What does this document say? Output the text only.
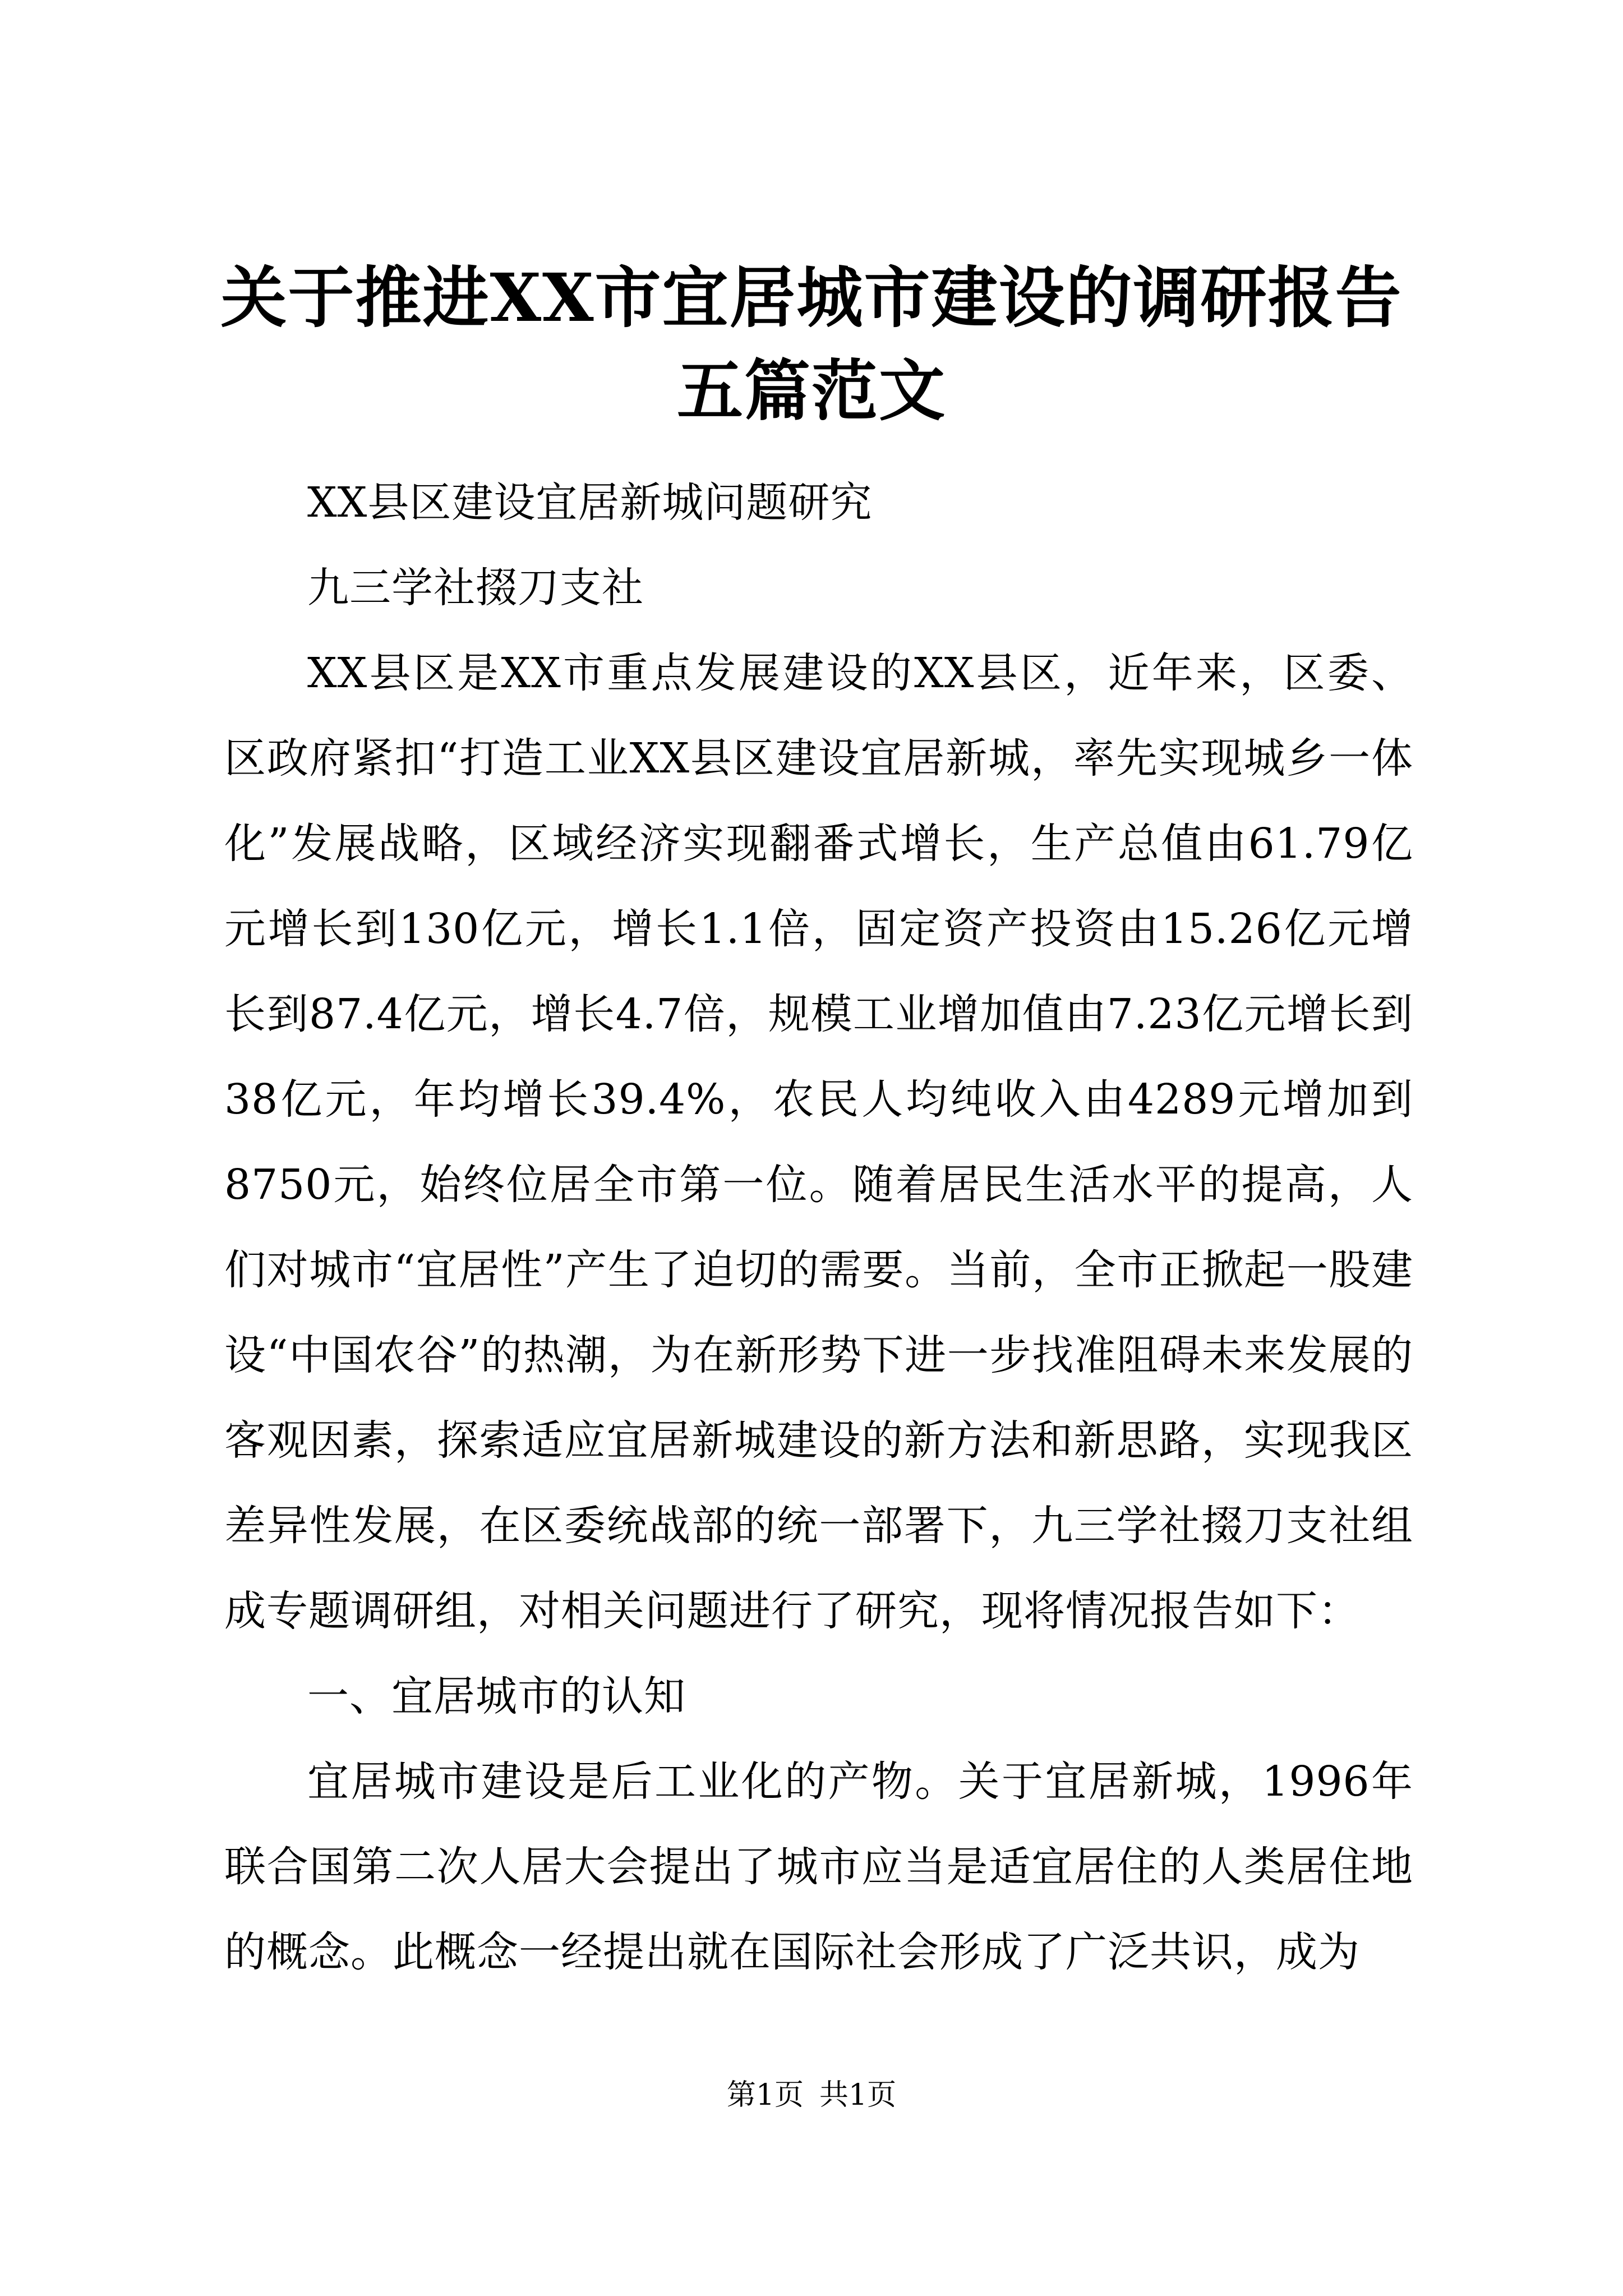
关于推进XX市宜居城市建设的调研报告五篇范文

XX县区建设宜居新城问题研究

九三学社掇刀支社

XX县区是XX市重点发展建设的XX县区，近年来，区委、区政府紧扣“打造工业XX县区建设宜居新城，率先实现城乡一体化”发展战略，区域经济实现翻番式增长，生产总值由61.79亿元增长到130亿元，增长1.1倍，固定资产投资由15.26亿元增长到87.4亿元，增长4.7倍，规模工业增加值由7.23亿元增长到38亿元，年均增长39.4%，农民人均纯收入由4289元增加到8750元，始终位居全市第一位。随着居民生活水平的提高，人们对城市“宜居性”产生了迫切的需要。当前，全市正掀起一股建设“中国农谷”的热潮，为在新形势下进一步找准阻碍未来发展的客观因素，探索适应宜居新城建设的新方法和新思路，实现我区差异性发展，在区委统战部的统一部署下，九三学社掇刀支社组成专题调研组，对相关问题进行了研究，现将情况报告如下：

一、宜居城市的认知

宜居城市建设是后工业化的产物。关于宜居新城，1996年联合国第二次人居大会提出了城市应当是适宜居住的人类居住地的概念。此概念一经提出就在国际社会形成了广泛共识，成为

第1页 共1页
